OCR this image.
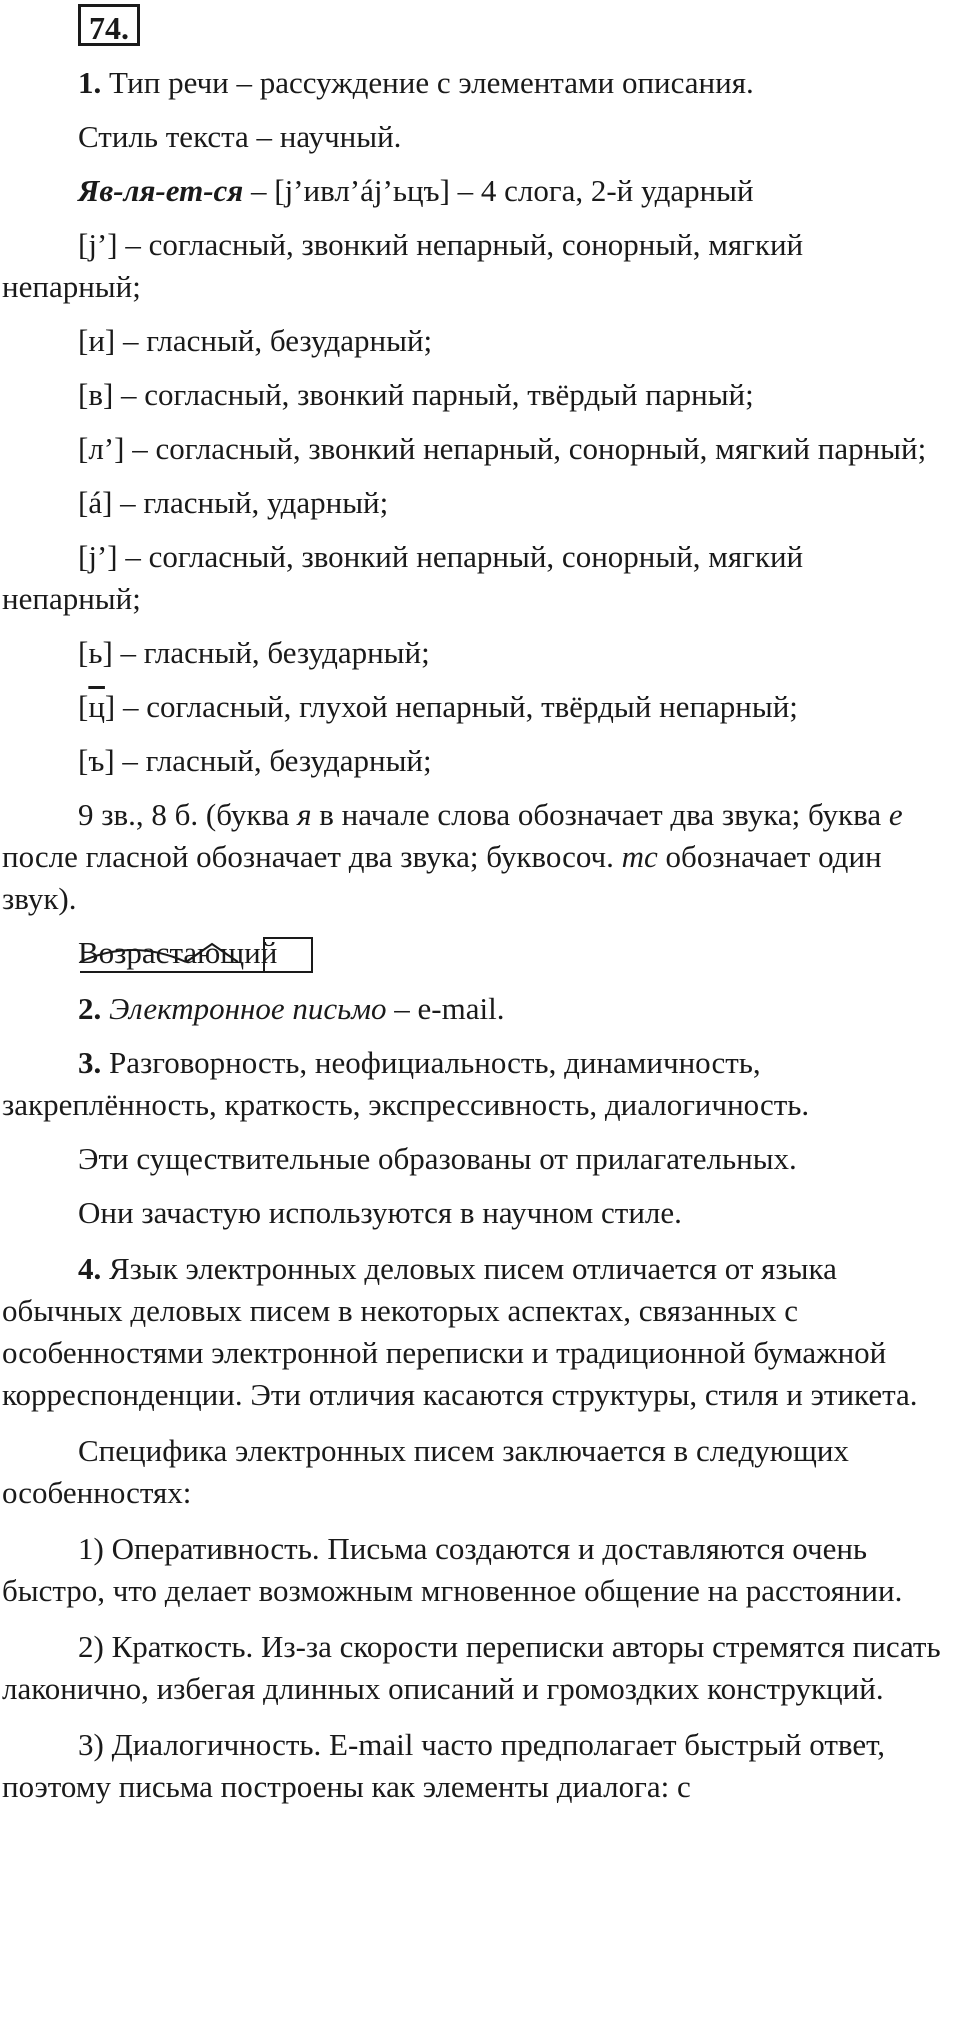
74.

1. Тип речи – рассуждение с элементами описания.

Стиль текста – научный.

Яв-ля-ет-ся – [j’ивл’áj’ьцъ] – 4 слога, 2-й ударный

[j’] – согласный, звонкий непарный, сонорный, мягкий непарный;

[и] – гласный, безударный;

[в] – согласный, звонкий парный, твёрдый парный;

[л’] – согласный, звонкий непарный, сонорный, мягкий парный;

[á] – гласный, ударный;

[j’] – согласный, звонкий непарный, сонорный, мягкий непарный;

[ь] – гласный, безударный;

[ц] – согласный, глухой непарный, твёрдый непарный;

[ъ] – гласный, безударный;

9 зв., 8 б. (буква я в начале слова обозначает два звука; буква е после гласной обозначает два звука; буквосоч. тс обозначает один звук).

Возрастающий

2. Электронное письмо – e-mail.

3. Разговорность, неофициальность, динамичность, закреплённость, краткость, экспрессивность, диалогичность.

Эти существительные образованы от прилагательных.

Они зачастую используются в научном стиле.

4. Язык электронных деловых писем отличается от языка обычных деловых писем в некоторых аспектах, связанных с особенностями электронной переписки и традиционной бумажной корреспонденции. Эти отличия касаются структуры, стиля и этикета.

Специфика электронных писем заключается в следующих особенностях:

1) Оперативность. Письма создаются и доставляются очень быстро, что делает возможным мгновенное общение на расстоянии.

2) Краткость. Из-за скорости переписки авторы стремятся писать лаконично, избегая длинных описаний и громоздких конструкций.

3) Диалогичность. E-mail часто предполагает быстрый ответ, поэтому письма построены как элементы диалога: с
